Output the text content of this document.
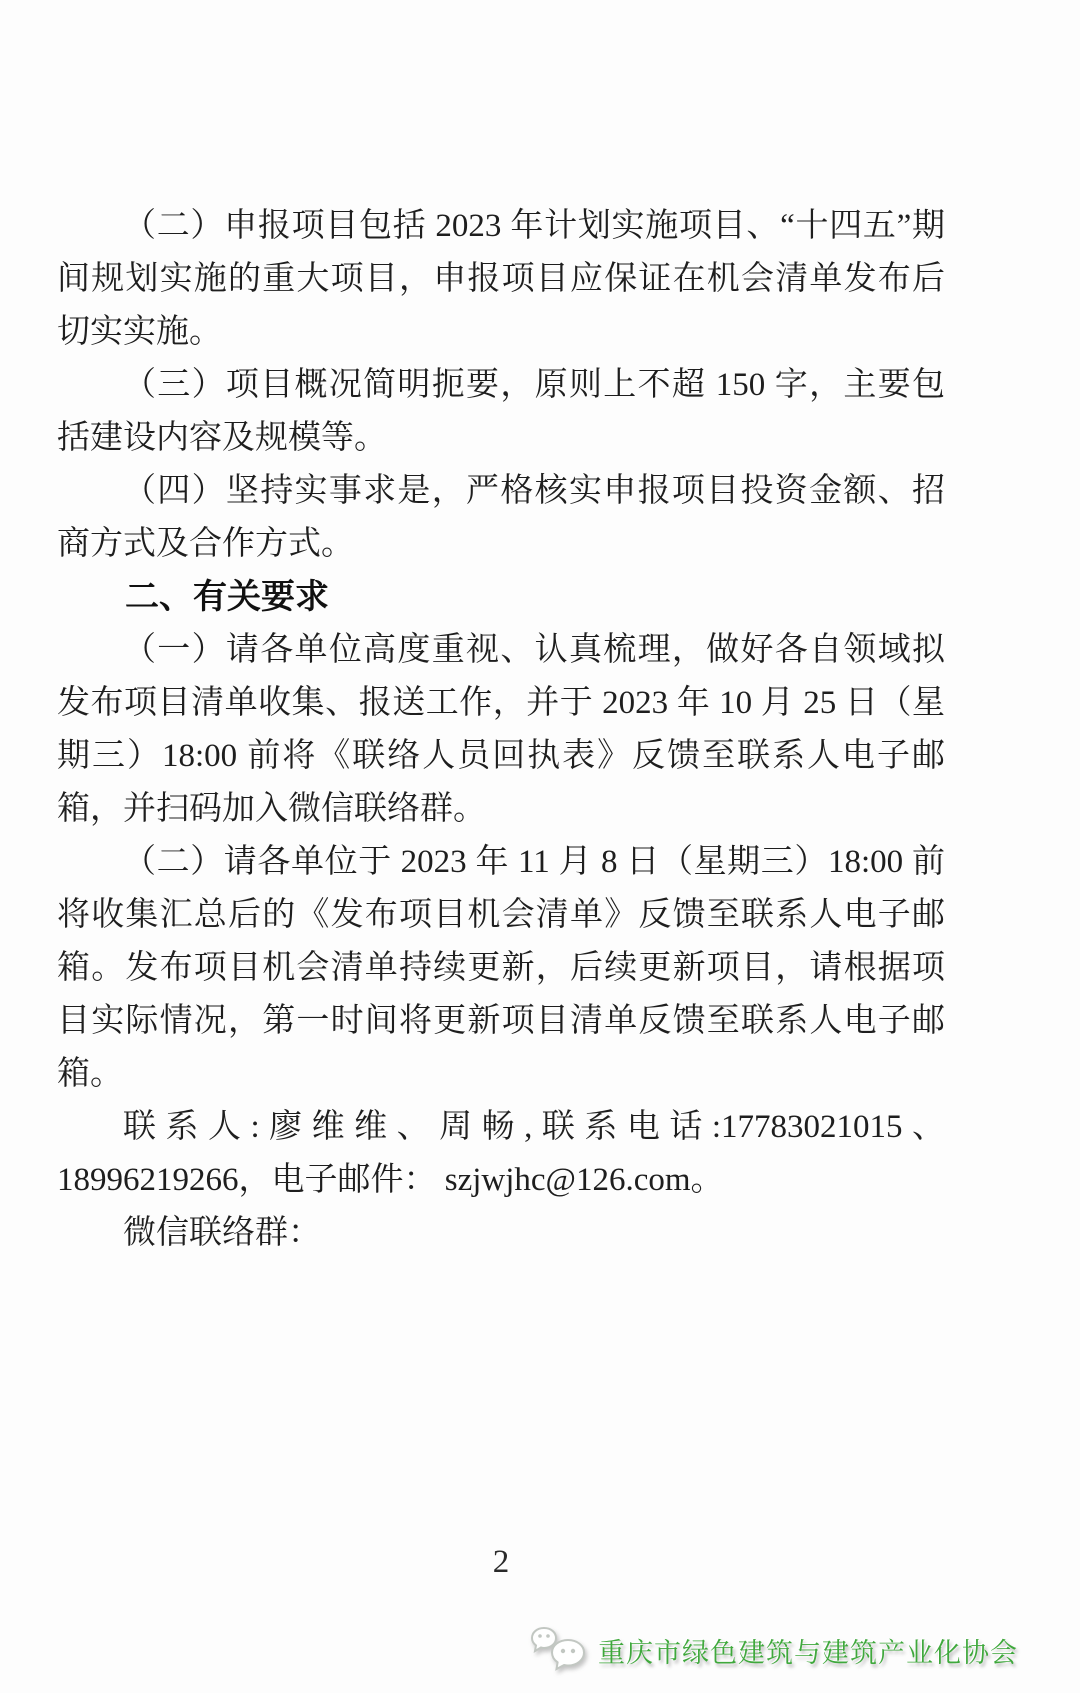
（二）申报项目包括 2023 年计划实施项目、“十四五”期间规划实施的重大项目，申报项目应保证在机会清单发布后切实实施。

（三）项目概况简明扼要，原则上不超 150 字，主要包括建设内容及规模等。

（四）坚持实事求是，严格核实申报项目投资金额、招商方式及合作方式。

二、有关要求

（一）请各单位高度重视、认真梳理，做好各自领域拟发布项目清单收集、报送工作，并于 2023 年 10 月 25 日（星期三）18:00 前将《联络人员回执表》反馈至联系人电子邮箱，并扫码加入微信联络群。

（二）请各单位于 2023 年 11 月 8 日（星期三）18:00 前将收集汇总后的《发布项目机会清单》反馈至联系人电子邮箱。发布项目机会清单持续更新，后续更新项目，请根据项目实际情况，第一时间将更新项目清单反馈至联系人电子邮箱。

联系人:廖维维、周畅,联系电话:17783021015、18996219266，电子邮件： szjwjhc@126.com。

微信联络群：

2
重庆市绿色建筑与建筑产业化协会
